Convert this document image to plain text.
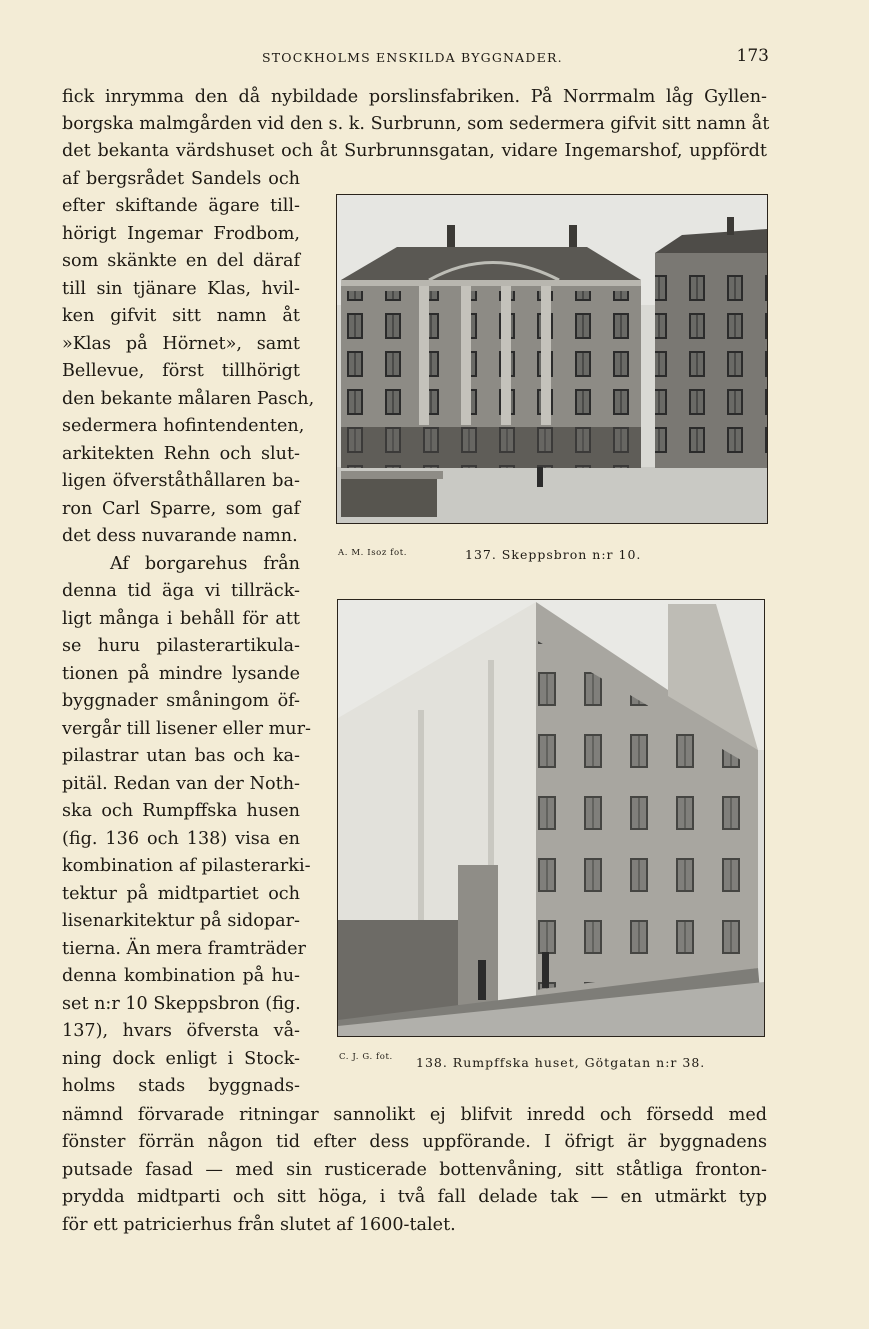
STOCKHOLMS ENSKILDA BYGGNADER.	173
fick inrymma den då nybildade porslinsfabriken. På Norrmalm låg Gyllen-
borgska malmgården vid den s. k. Surbrunn, som sedermera gifvit sitt namn åt
det bekanta värdshuset och åt Surbrunnsgatan, vidare Ingemarshof, uppfördt
af bergsrådet Sandels och
efter skiftande ägare till-
hörigt Ingemar Frodbom,
som skänkte en del däraf
till sin tjänare Klas, hvil-
ken gifvit sitt namn åt
»Klas på Hörnet», samt
Bellevue, först tillhörigt
den bekante målaren Pasch,
sedermera hofintendenten,
arkitekten Rehn och slut-
ligen öfverståthållaren ba-
ron Carl Sparre, som gaf
det dess nuvarande namn.
Af borgarehus från
denna tid äga vi tillräck-
ligt många i behåll för att
se huru pilasterartikula-
tionen på mindre lysande
byggnader småningom öf-
vergår till lisener eller mur-
pilastrar utan bas och ka-
pitäl. Redan van der Noth-
ska och Rumpffska husen
(fig. 136 och 138) visa en
kombination af pilasterarki-
tektur på midtpartiet och
lisenarkitektur på sidopar-
tierna. Än mera framträder
denna kombination på hu-
set n:r 10 Skeppsbron (fig.
137), hvars öfversta vå-
ning dock enligt i Stock-
holms stads byggnads-
nämnd förvarade ritningar sannolikt ej blifvit inredd och försedd med
fönster förrän någon tid efter dess uppförande. I öfrigt är byggnadens
putsade fasad — med sin rusticerade bottenvåning, sitt ståtliga fronton-
prydda midtparti och sitt höga, i två fall delade tak — en utmärkt typ
för ett patricierhus från slutet af 1600-talet.
A. M. Isoz fot.	137. Skeppsbron n:r 10.
C. J. G. fot. 138. Rumpffska huset, Götgatan n:r 38.
